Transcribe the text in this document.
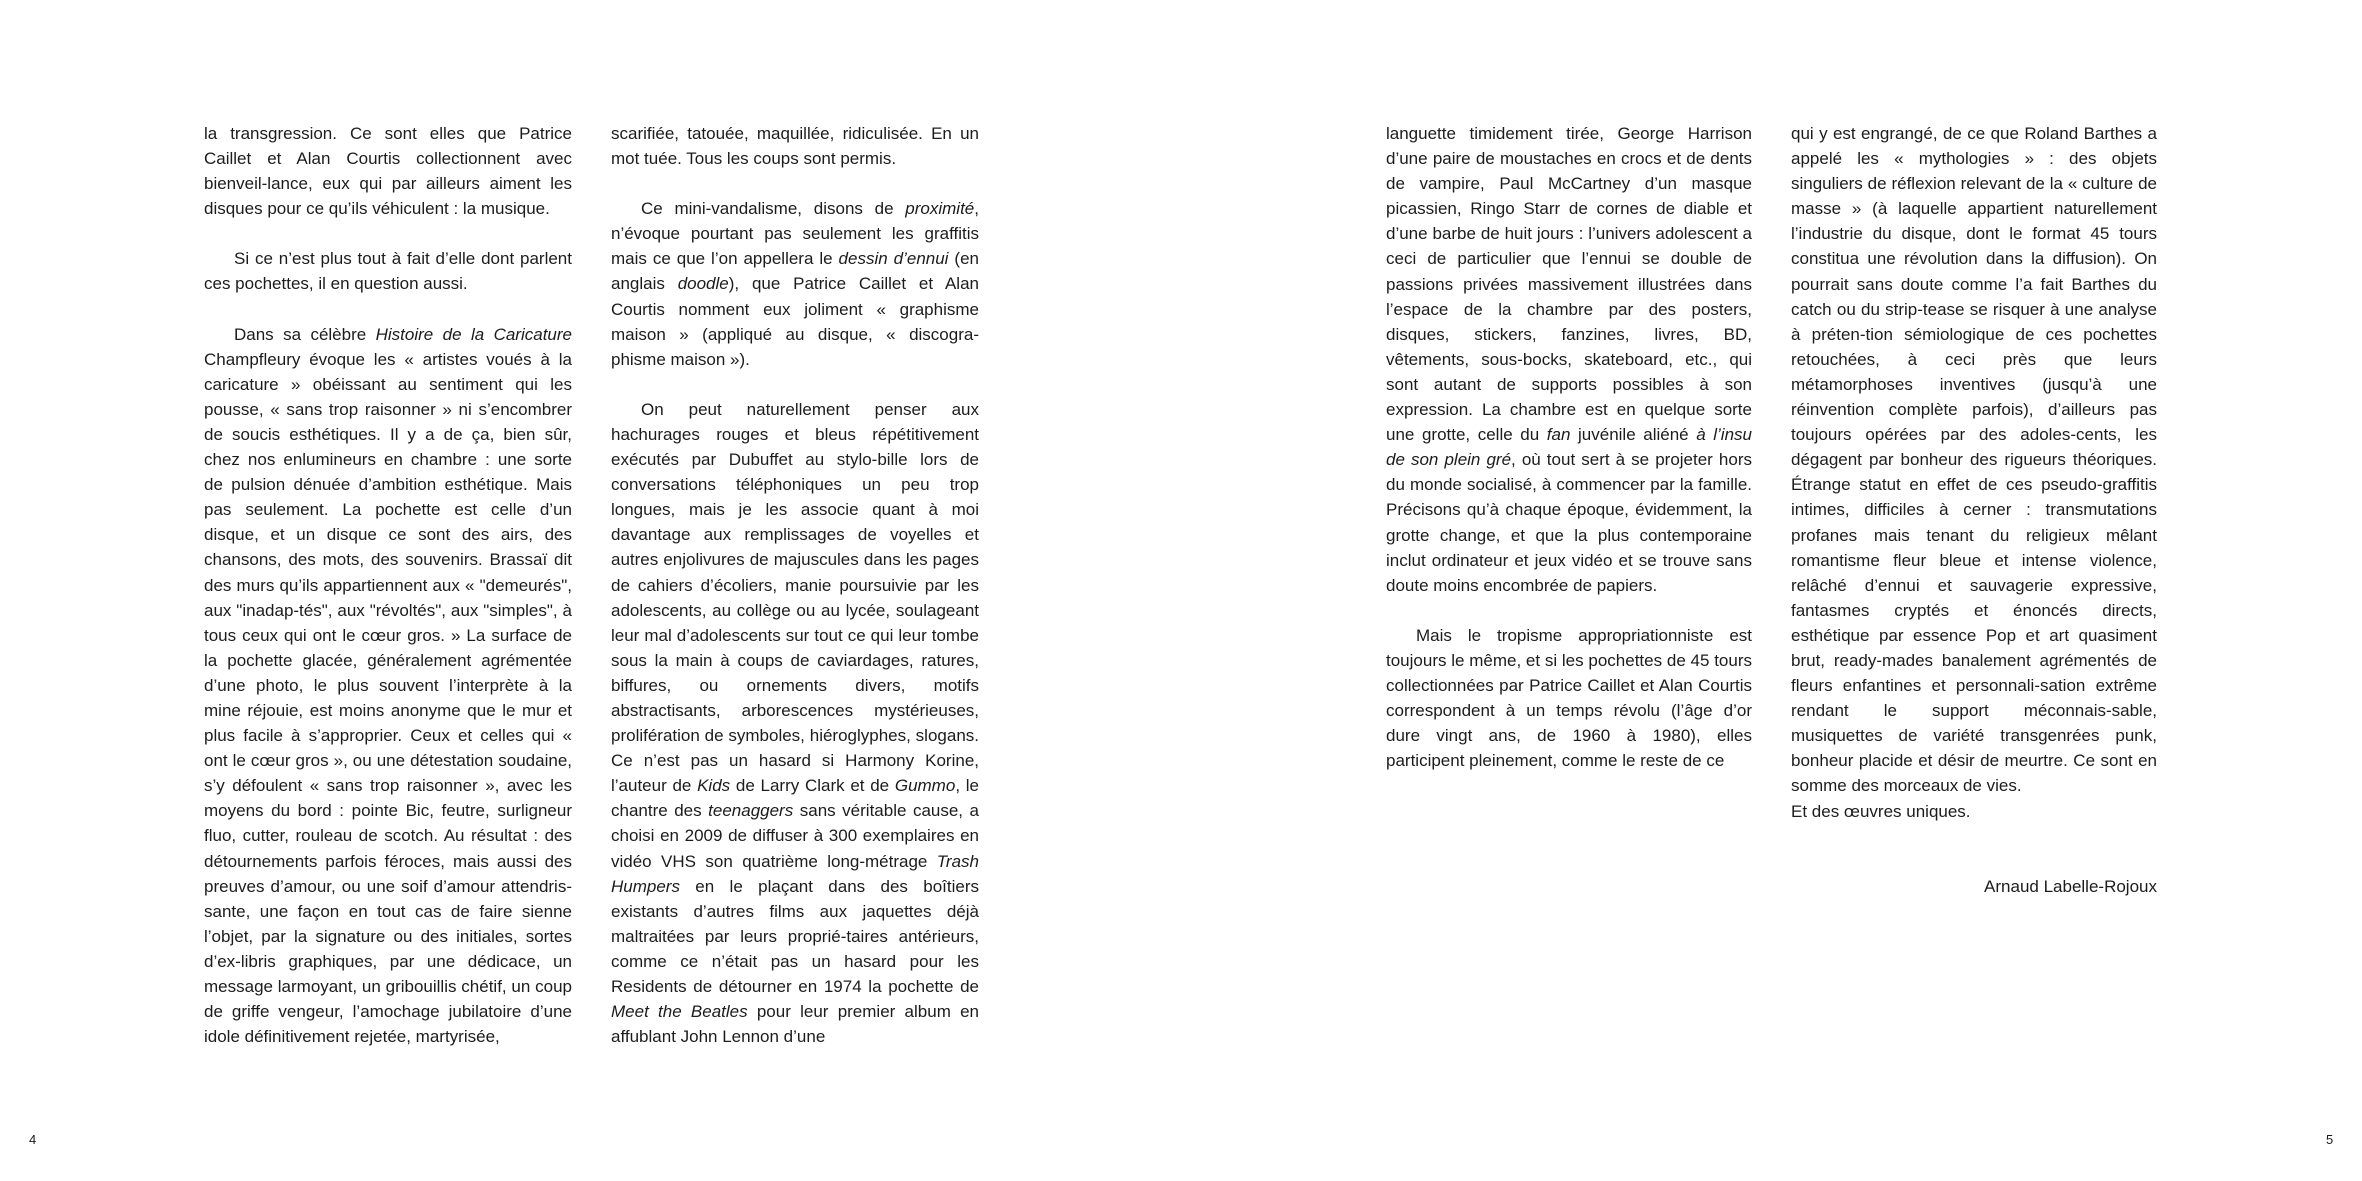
la transgression. Ce sont elles que Patrice Caillet et Alan Courtis collectionnent avec bienveil-lance, eux qui par ailleurs aiment les disques pour ce qu’ils véhiculent : la musique.

Si ce n’est plus tout à fait d’elle dont parlent ces pochettes, il en question aussi.

Dans sa célèbre Histoire de la Caricature Champfleury évoque les « artistes voués à la caricature » obéissant au sentiment qui les pousse, « sans trop raisonner » ni s’encombrer de soucis esthétiques. Il y a de ça, bien sûr, chez nos enlumineurs en chambre : une sorte de pulsion dénuée d’ambition esthétique. Mais pas seulement. La pochette est celle d’un disque, et un disque ce sont des airs, des chansons, des mots, des souvenirs. Brassaï dit des murs qu’ils appartiennent aux « "demeurés", aux "inadap-tés", aux "révoltés", aux "simples", à tous ceux qui ont le cœur gros. » La surface de la pochette glacée, généralement agrémentée d’une photo, le plus souvent l’interprète à la mine réjouie, est moins anonyme que le mur et plus facile à s’approprier. Ceux et celles qui « ont le cœur gros », ou une détestation soudaine, s’y défoulent « sans trop raisonner », avec les moyens du bord : pointe Bic, feutre, surligneur fluo, cutter, rouleau de scotch. Au résultat : des détournements parfois féroces, mais aussi des preuves d’amour, ou une soif d’amour attendris-sante, une façon en tout cas de faire sienne l’objet, par la signature ou des initiales, sortes d’ex-libris graphiques, par une dédicace, un message larmoyant, un gribouillis chétif, un coup de griffe vengeur, l’amochage jubilatoire d’une idole définitivement rejetée, martyrisée,

scarifiée, tatouée, maquillée, ridiculisée. En un mot tuée. Tous les coups sont permis.

Ce mini-vandalisme, disons de proximité, n’évoque pourtant pas seulement les graffitis mais ce que l’on appellera le dessin d’ennui (en anglais doodle), que Patrice Caillet et Alan Courtis nomment eux joliment « graphisme maison » (appliqué au disque, « discogra-phisme maison »).

On peut naturellement penser aux hachurages rouges et bleus répétitivement exécutés par Dubuffet au stylo-bille lors de conversations téléphoniques un peu trop longues, mais je les associe quant à moi davantage aux remplissages de voyelles et autres enjolivures de majuscules dans les pages de cahiers d’écoliers, manie poursuivie par les adolescents, au collège ou au lycée, soulageant leur mal d’adolescents sur tout ce qui leur tombe sous la main à coups de caviardages, ratures, biffures, ou ornements divers, motifs abstractisants, arborescences mystérieuses, prolifération de symboles, hiéroglyphes, slogans. Ce n’est pas un hasard si Harmony Korine, l’auteur de Kids de Larry Clark et de Gummo, le chantre des teenaggers sans véritable cause, a choisi en 2009 de diffuser à 300 exemplaires en vidéo VHS son quatrième long-métrage Trash Humpers en le plaçant dans des boîtiers existants d’autres films aux jaquettes déjà maltraitées par leurs proprié-taires antérieurs, comme ce n’était pas un hasard pour les Residents de détourner en 1974 la pochette de Meet the Beatles pour leur premier album en affublant John Lennon d’une

languette timidement tirée, George Harrison d’une paire de moustaches en crocs et de dents de vampire, Paul McCartney d’un masque picassien, Ringo Starr de cornes de diable et d’une barbe de huit jours : l’univers adolescent a ceci de particulier que l’ennui se double de passions privées massivement illustrées dans l’espace de la chambre par des posters, disques, stickers, fanzines, livres, BD, vêtements, sous-bocks, skateboard, etc., qui sont autant de supports possibles à son expression. La chambre est en quelque sorte une grotte, celle du fan juvénile aliéné à l’insu de son plein gré, où tout sert à se projeter hors du monde socialisé, à commencer par la famille. Précisons qu’à chaque époque, évidemment, la grotte change, et que la plus contemporaine inclut ordinateur et jeux vidéo et se trouve sans doute moins encombrée de papiers.

Mais le tropisme appropriationniste est toujours le même, et si les pochettes de 45 tours collectionnées par Patrice Caillet et Alan Courtis correspondent à un temps révolu (l’âge d’or dure vingt ans, de 1960 à 1980), elles participent pleinement, comme le reste de ce

qui y est engrangé, de ce que Roland Barthes a appelé les « mythologies » : des objets singuliers de réflexion relevant de la « culture de masse » (à laquelle appartient naturellement l’industrie du disque, dont le format 45 tours constitua une révolution dans la diffusion). On pourrait sans doute comme l’a fait Barthes du catch ou du strip-tease se risquer à une analyse à préten-tion sémiologique de ces pochettes retouchées, à ceci près que leurs métamorphoses inventives (jusqu’à une réinvention complète parfois), d’ailleurs pas toujours opérées par des adoles-cents, les dégagent par bonheur des rigueurs théoriques. Étrange statut en effet de ces pseudo-graffitis intimes, difficiles à cerner : transmutations profanes mais tenant du religieux mêlant romantisme fleur bleue et intense violence, relâché d’ennui et sauvagerie expressive, fantasmes cryptés et énoncés directs, esthétique par essence Pop et art quasiment brut, ready-mades banalement agrémentés de fleurs enfantines et personnali-sation extrême rendant le support méconnais-sable, musiquettes de variété transgenrées punk, bonheur placide et désir de meurtre. Ce sont en somme des morceaux de vies.

Et des œuvres uniques.

Arnaud Labelle-Rojoux

4	5
